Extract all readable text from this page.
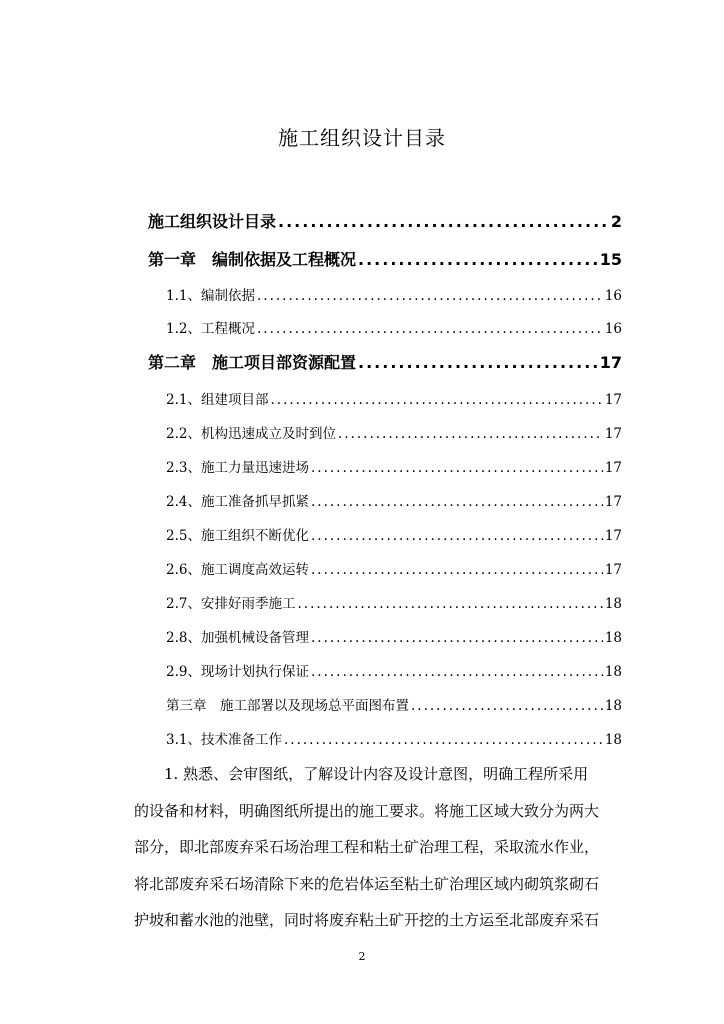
施工组织设计目录
施工组织设计目录 .....	2
第一章　编制依据及工程概况 .....	15
1.1、编制依据 .....	16
1.2、工程概况 .....	16
第二章　施工项目部资源配置 .....	17
2.1、组建项目部 .....	17
2.2、机构迅速成立及时到位 .....	17
2.3、施工力量迅速进场 .....	17
2.4、施工准备抓早抓紧 .....	17
2.5、施工组织不断优化 .....	17
2.6、施工调度高效运转 .....	17
2.7、安排好雨季施工 .....	18
2.8、加强机械设备管理 .....	18
2.9、现场计划执行保证 .....	18
第三章　施工部署以及现场总平面图布置 .....	18
3.1、技术准备工作 .....	18
1. 熟悉、会审图纸，了解设计内容及设计意图，明确工程所采用
的设备和材料，明确图纸所提出的施工要求。将施工区域大致分为两大
部分，即北部废弃采石场治理工程和粘土矿治理工程，采取流水作业，
将北部废弃采石场清除下来的危岩体运至粘土矿治理区域内砌筑浆砌石
护坡和蓄水池的池壁，同时将废弃粘土矿开挖的土方运至北部废弃采石
2
